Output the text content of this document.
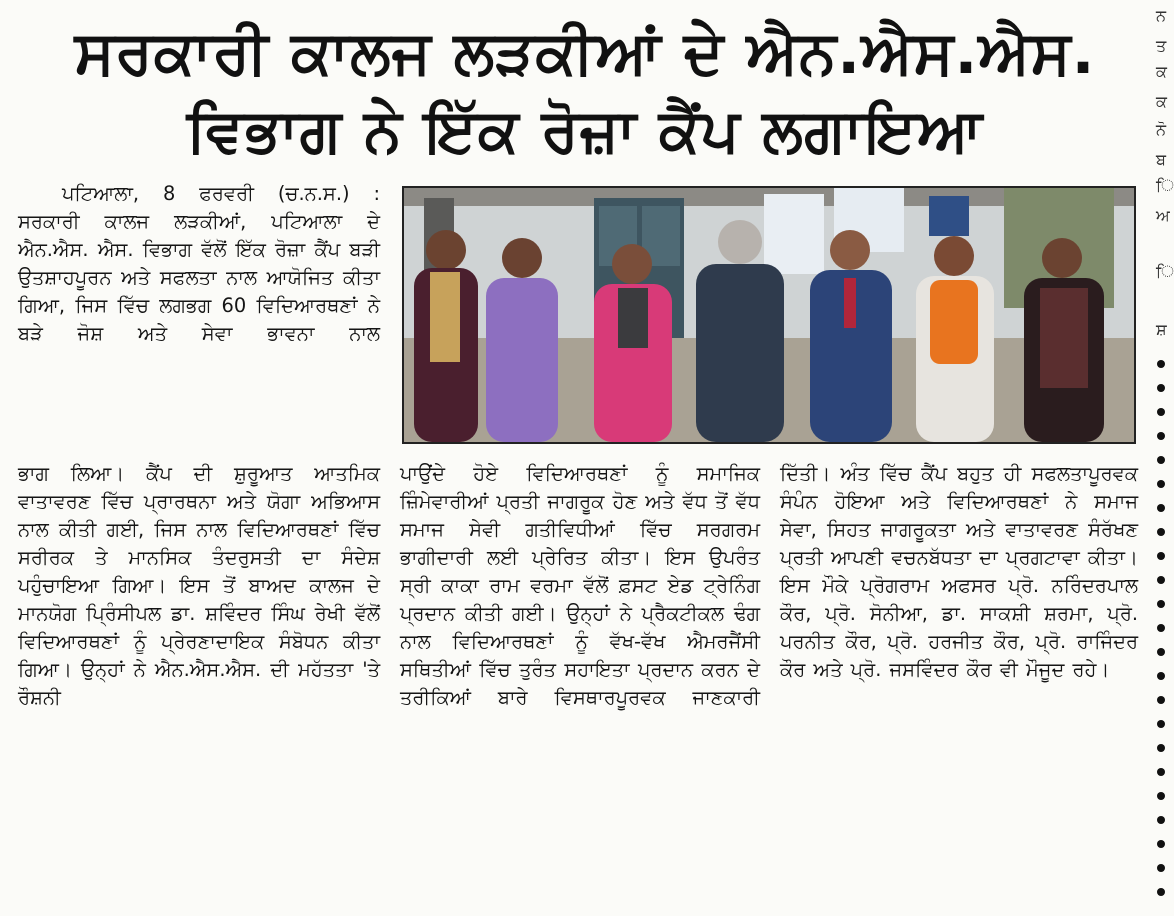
ਸਰਕਾਰੀ ਕਾਲਜ ਲੜਕੀਆਂ ਦੇ ਐਨ.ਐਸ.ਐਸ.
ਵਿਭਾਗ ਨੇ ਇੱਕ ਰੋਜ਼ਾ ਕੈਂਪ ਲਗਾਇਆ

ਪਟਿਆਲਾ, 8 ਫਰਵਰੀ (ਚ.ਨ.ਸ.) : ਸਰਕਾਰੀ ਕਾਲਜ ਲੜਕੀਆਂ, ਪਟਿਆਲਾ ਦੇ ਐਨ.ਐਸ. ਐਸ. ਵਿਭਾਗ ਵੱਲੋਂ ਇੱਕ ਰੋਜ਼ਾ ਕੈਂਪ ਬੜੀ ਉਤਸ਼ਾਹਪੂਰਨ ਅਤੇ ਸਫਲਤਾ ਨਾਲ ਆਯੋਜਿਤ ਕੀਤਾ ਗਿਆ, ਜਿਸ ਵਿੱਚ ਲਗਭਗ 60 ਵਿਦਿਆਰਥਣਾਂ ਨੇ ਬੜੇ ਜੋਸ਼ ਅਤੇ ਸੇਵਾ ਭਾਵਨਾ ਨਾਲ

ਭਾਗ ਲਿਆ। ਕੈਂਪ ਦੀ ਸ਼ੁਰੂਆਤ ਆਤਮਿਕ ਵਾਤਾਵਰਣ ਵਿੱਚ ਪ੍ਰਾਰਥਨਾ ਅਤੇ ਯੋਗਾ ਅਭਿਆਸ ਨਾਲ ਕੀਤੀ ਗਈ, ਜਿਸ ਨਾਲ ਵਿਦਿਆਰਥਣਾਂ ਵਿੱਚ ਸਰੀਰਕ ਤੇ ਮਾਨਸਿਕ ਤੰਦਰੁਸਤੀ ਦਾ ਸੰਦੇਸ਼ ਪਹੁੰਚਾਇਆ ਗਿਆ। ਇਸ ਤੋਂ ਬਾਅਦ ਕਾਲਜ ਦੇ ਮਾਨਯੋਗ ਪ੍ਰਿੰਸੀਪਲ ਡਾ. ਸ਼ਵਿੰਦਰ ਸਿੰਘ ਰੇਖੀ ਵੱਲੋਂ ਵਿਦਿਆਰਥਣਾਂ ਨੂੰ ਪ੍ਰੇਰਣਾਦਾਇਕ ਸੰਬੋਧਨ ਕੀਤਾ ਗਿਆ। ਉਨ੍ਹਾਂ ਨੇ ਐਨ.ਐਸ.ਐਸ. ਦੀ ਮਹੱਤਤਾ 'ਤੇ ਰੌਸ਼ਨੀ

ਪਾਉਂਦੇ ਹੋਏ ਵਿਦਿਆਰਥਣਾਂ ਨੂੰ ਸਮਾਜਿਕ ਜ਼ਿੰਮੇਵਾਰੀਆਂ ਪ੍ਰਤੀ ਜਾਗਰੂਕ ਹੋਣ ਅਤੇ ਵੱਧ ਤੋਂ ਵੱਧ ਸਮਾਜ ਸੇਵੀ ਗਤੀਵਿਧੀਆਂ ਵਿੱਚ ਸਰਗਰਮ ਭਾਗੀਦਾਰੀ ਲਈ ਪ੍ਰੇਰਿਤ ਕੀਤਾ। ਇਸ ਉਪਰੰਤ ਸ੍ਰੀ ਕਾਕਾ ਰਾਮ ਵਰਮਾ ਵੱਲੋਂ ਫ਼ਸਟ ਏਡ ਟ੍ਰੇਨਿੰਗ ਪ੍ਰਦਾਨ ਕੀਤੀ ਗਈ। ਉਨ੍ਹਾਂ ਨੇ ਪ੍ਰੈਕਟੀਕਲ ਢੰਗ ਨਾਲ ਵਿਦਿਆਰਥਣਾਂ ਨੂੰ ਵੱਖ-ਵੱਖ ਐਮਰਜੈਂਸੀ ਸਥਿਤੀਆਂ ਵਿੱਚ ਤੁਰੰਤ ਸਹਾਇਤਾ ਪ੍ਰਦਾਨ ਕਰਨ ਦੇ ਤਰੀਕਿਆਂ ਬਾਰੇ ਵਿਸਥਾਰਪੂਰਵਕ ਜਾਣਕਾਰੀ

ਦਿੱਤੀ। ਅੰਤ ਵਿੱਚ ਕੈਂਪ ਬਹੁਤ ਹੀ ਸਫਲਤਾਪੂਰਵਕ ਸੰਪੰਨ ਹੋਇਆ ਅਤੇ ਵਿਦਿਆਰਥਣਾਂ ਨੇ ਸਮਾਜ ਸੇਵਾ, ਸਿਹਤ ਜਾਗਰੂਕਤਾ ਅਤੇ ਵਾਤਾਵਰਣ ਸੰਰੱਖਣ ਪ੍ਰਤੀ ਆਪਣੀ ਵਚਨਬੱਧਤਾ ਦਾ ਪ੍ਰਗਟਾਵਾ ਕੀਤਾ। ਇਸ ਮੌਕੇ ਪ੍ਰੋਗਰਾਮ ਅਫਸਰ ਪ੍ਰੋ. ਨਰਿੰਦਰਪਾਲ ਕੌਰ, ਪ੍ਰੋ. ਸੋਨੀਆ, ਡਾ. ਸਾਕਸ਼ੀ ਸ਼ਰਮਾ, ਪ੍ਰੋ. ਪਰਨੀਤ ਕੌਰ, ਪ੍ਰੋ. ਹਰਜੀਤ ਕੌਰ, ਪ੍ਰੋ. ਰਾਜਿੰਦਰ ਕੌਰ ਅਤੇ ਪ੍ਰੋ. ਜਸਵਿੰਦਰ ਕੌਰ ਵੀ ਮੌਜੂਦ ਰਹੇ।

ਨ
ਤ
ਕ
ਕ
ਨੋ
ਬ
ਿ
ਅ
ਿ
ਸ਼
